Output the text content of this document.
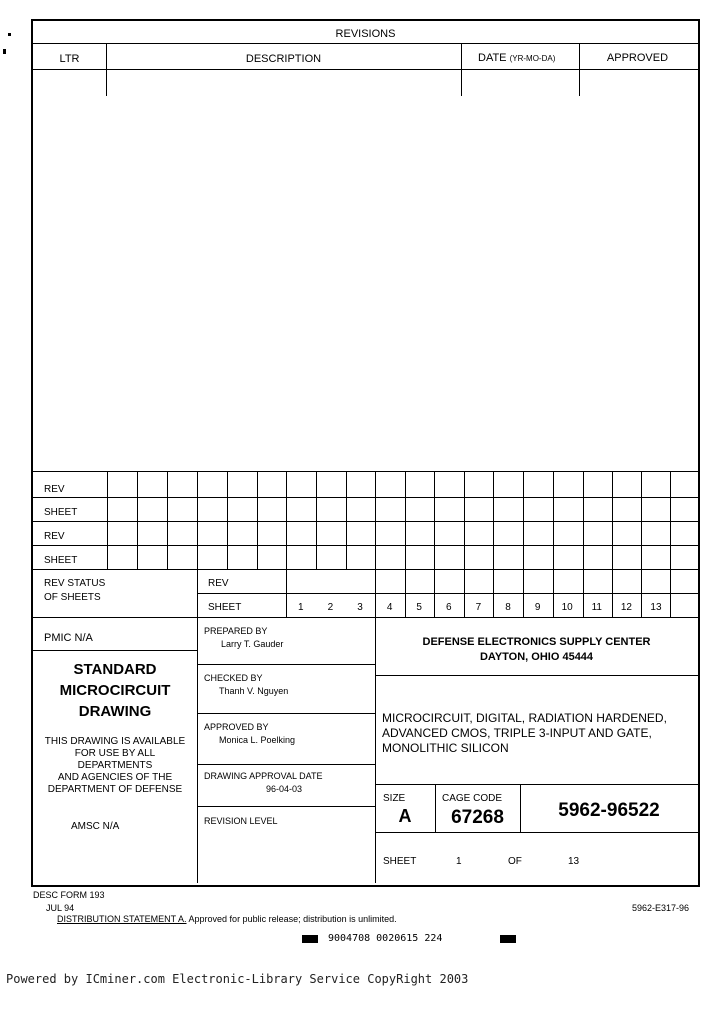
REVISIONS
LTR	DESCRIPTION	DATE (YR-MO-DA)	APPROVED
REV
SHEET
REV
SHEET
REV STATUS
OF SHEETS
REV
SHEET	1	2	3	4	5	6	7	8	9	10	11	12	13
PMIC N/A
STANDARD
MICROCIRCUIT
DRAWING
THIS DRAWING IS AVAILABLE
FOR USE BY ALL
DEPARTMENTS
AND AGENCIES OF THE
DEPARTMENT OF DEFENSE
AMSC N/A
PREPARED BY
Larry T. Gauder
CHECKED BY
Thanh V. Nguyen
APPROVED BY
Monica L. Poelking
DRAWING APPROVAL DATE
96-04-03
REVISION LEVEL
DEFENSE ELECTRONICS SUPPLY CENTER
DAYTON, OHIO 45444
MICROCIRCUIT, DIGITAL, RADIATION HARDENED,
ADVANCED CMOS, TRIPLE 3-INPUT AND GATE,
MONOLITHIC SILICON
SIZE
A
CAGE CODE
67268	5962-96522
SHEET	1	OF	13
DESC FORM 193
JUL 94
DISTRIBUTION STATEMENT A. Approved for public release; distribution is unlimited.
5962-E317-96
9004708 0020615 224
Powered by ICminer.com Electronic-Library Service CopyRight 2003
